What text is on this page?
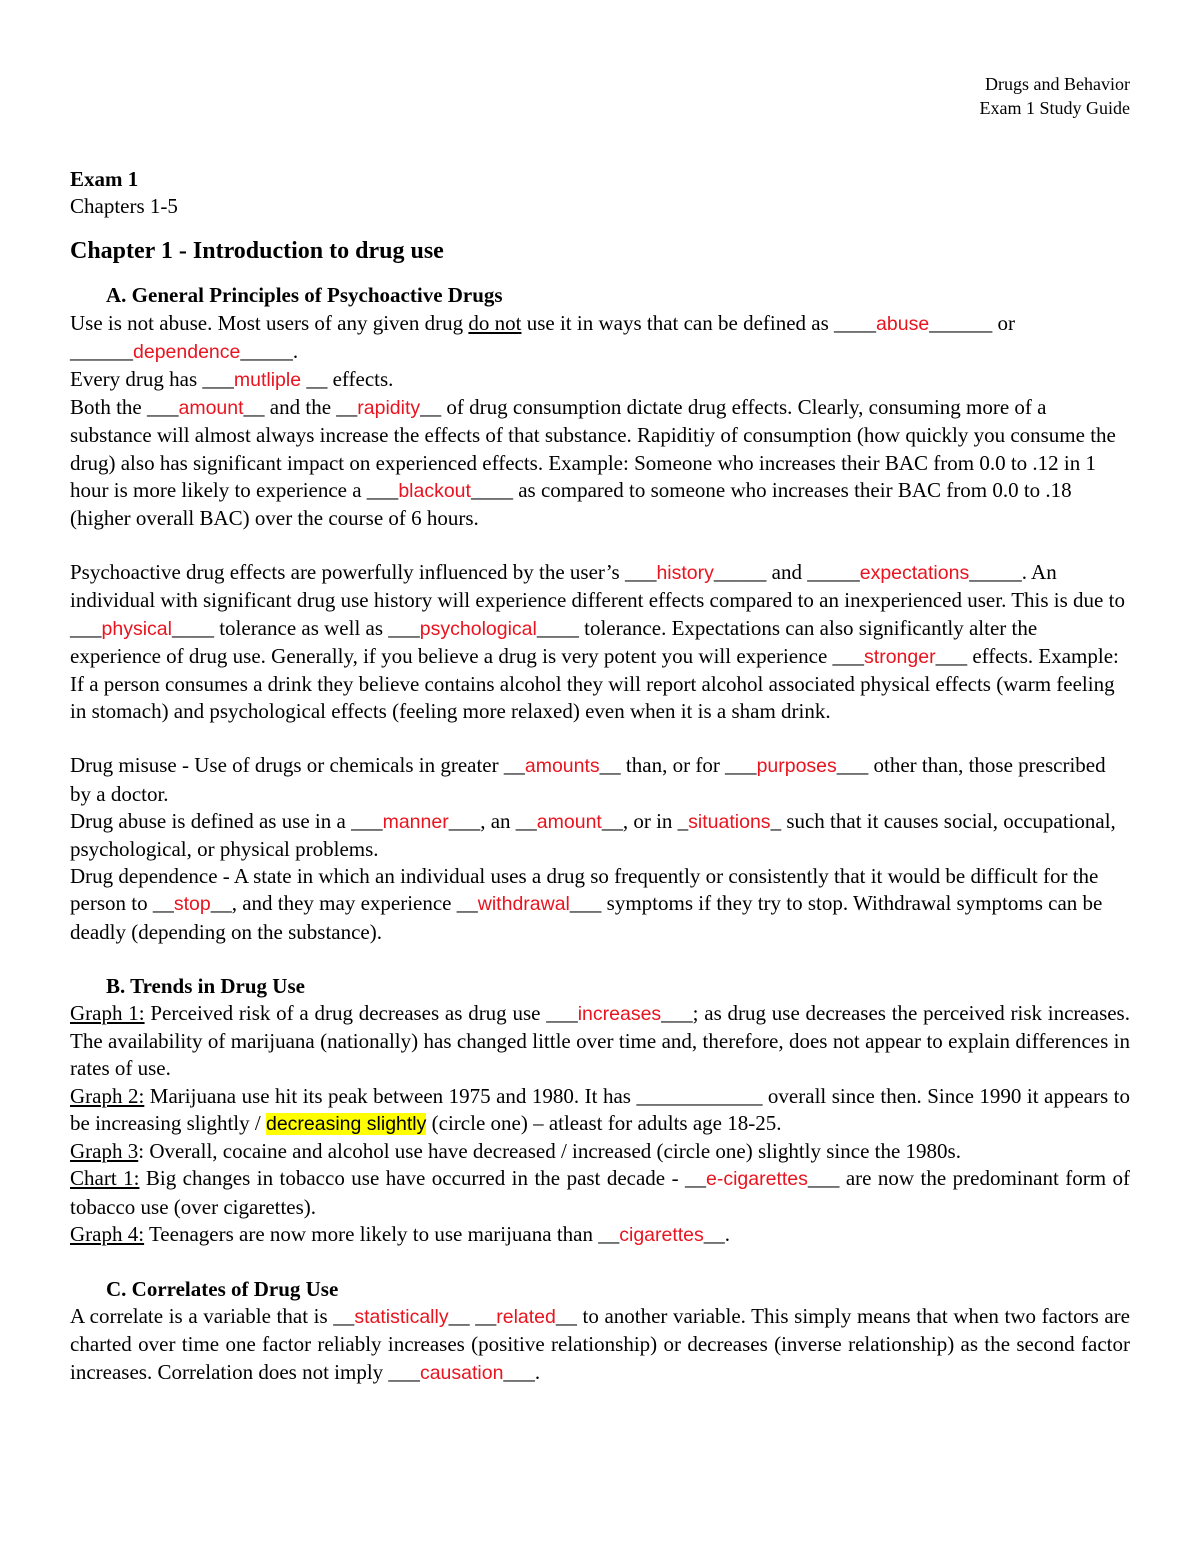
Drugs and Behavior
Exam 1 Study Guide

Exam 1

Chapters 1-5

Chapter 1 - Introduction to drug use

A. General Principles of Psychoactive Drugs

Use is not abuse. Most users of any given drug do not use it in ways that can be defined as ____abuse______ or ______dependence_____.

Every drug has ___mutliple __ effects.

Both the ___amount__ and the __rapidity__ of drug consumption dictate drug effects. Clearly, consuming more of a substance will almost always increase the effects of that substance. Rapiditiy of consumption (how quickly you consume the drug) also has significant impact on experienced effects. Example: Someone who increases their BAC from 0.0 to .12 in 1 hour is more likely to experience a ___blackout____ as compared to someone who increases their BAC from 0.0 to .18 (higher overall BAC) over the course of 6 hours.

Psychoactive drug effects are powerfully influenced by the user’s ___history_____ and _____expectations_____. An individual with significant drug use history will experience different effects compared to an inexperienced user. This is due to ___physical____ tolerance as well as ___psychological____ tolerance. Expectations can also significantly alter the experience of drug use. Generally, if you believe a drug is very potent you will experience ___stronger___ effects. Example: If a person consumes a drink they believe contains alcohol they will report alcohol associated physical effects (warm feeling in stomach) and psychological effects (feeling more relaxed) even when it is a sham drink.

Drug misuse - Use of drugs or chemicals in greater __amounts__ than, or for ___purposes___ other than, those prescribed by a doctor.

Drug abuse is defined as use in a ___manner___, an __amount__, or in _situations_ such that it causes social, occupational, psychological, or physical problems.

Drug dependence - A state in which an individual uses a drug so frequently or consistently that it would be difficult for the person to __stop__, and they may experience __withdrawal___ symptoms if they try to stop. Withdrawal symptoms can be deadly (depending on the substance).

B. Trends in Drug Use

Graph 1: Perceived risk of a drug decreases as drug use ___increases___; as drug use decreases the perceived risk increases. The availability of marijuana (nationally) has changed little over time and, therefore, does not appear to explain differences in rates of use.

Graph 2: Marijuana use hit its peak between 1975 and 1980. It has ____________ overall since then. Since 1990 it appears to be increasing slightly / decreasing slightly (circle one) – atleast for adults age 18-25.

Graph 3: Overall, cocaine and alcohol use have decreased / increased (circle one) slightly since the 1980s.

Chart 1: Big changes in tobacco use have occurred in the past decade - __e-cigarettes___ are now the predominant form of tobacco use (over cigarettes).

Graph 4: Teenagers are now more likely to use marijuana than __cigarettes__.

C. Correlates of Drug Use

A correlate is a variable that is __statistically__ __related__ to another variable. This simply means that when two factors are charted over time one factor reliably increases (positive relationship) or decreases (inverse relationship) as the second factor increases. Correlation does not imply ___causation___.
